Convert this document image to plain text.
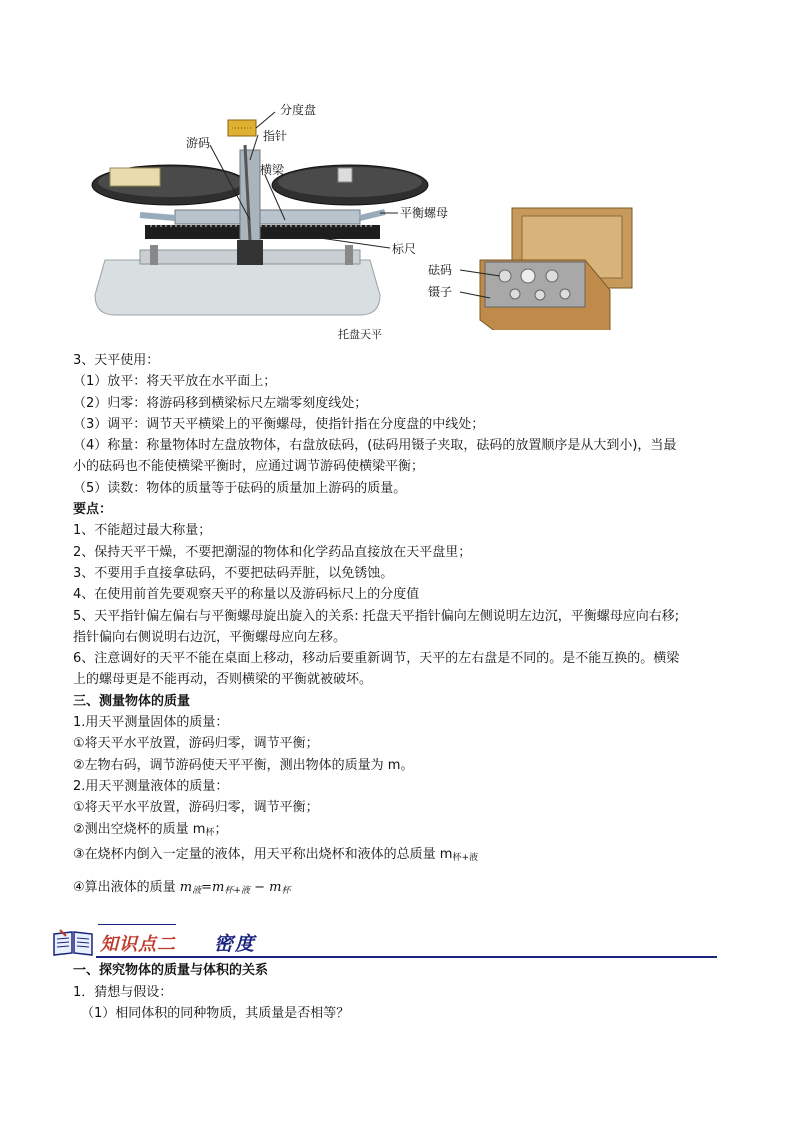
分度盘
指针
游码
横梁
平衡螺母
标尺
砝码
镊子
托盘天平
3、天平使用：
（1）放平：将天平放在水平面上；
（2）归零：将游码移到横梁标尺左端零刻度线处；
（3）调平：调节天平横梁上的平衡螺母，使指针指在分度盘的中线处；
（4）称量：称量物体时左盘放物体，右盘放砝码，(砝码用镊子夹取，砝码的放置顺序是从大到小)，当最
小的砝码也不能使横梁平衡时，应通过调节游码使横梁平衡；
（5）读数：物体的质量等于砝码的质量加上游码的质量。
要点：
1、不能超过最大称量；
2、保持天平干燥，不要把潮湿的物体和化学药品直接放在天平盘里；
3、不要用手直接拿砝码，不要把砝码弄脏，以免锈蚀。
4、在使用前首先要观察天平的称量以及游码标尺上的分度值
5、天平指针偏左偏右与平衡螺母旋出旋入的关系: 托盘天平指针偏向左侧说明左边沉，平衡螺母应向右移;
指针偏向右侧说明右边沉，平衡螺母应向左移。
6、注意调好的天平不能在桌面上移动，移动后要重新调节，天平的左右盘是不同的。是不能互换的。横梁
上的螺母更是不能再动，否则横梁的平衡就被破坏。
三、测量物体的质量
1.用天平测量固体的质量：
①将天平水平放置，游码归零，调节平衡；
②左物右码，调节游码使天平平衡，测出物体的质量为 m。
2.用天平测量液体的质量：
①将天平水平放置，游码归零，调节平衡；
②测出空烧杯的质量 $m_杯$；
③在烧杯内倒入一定量的液体，用天平称出烧杯和液体的总质量 $m_{杯+液}$
④算出液体的质量 $m_液=m_{杯+液} - m_杯$
知识点二 密度
一、探究物体的质量与体积的关系
1．猜想与假设：
（1）相同体积的同种物质，其质量是否相等？
